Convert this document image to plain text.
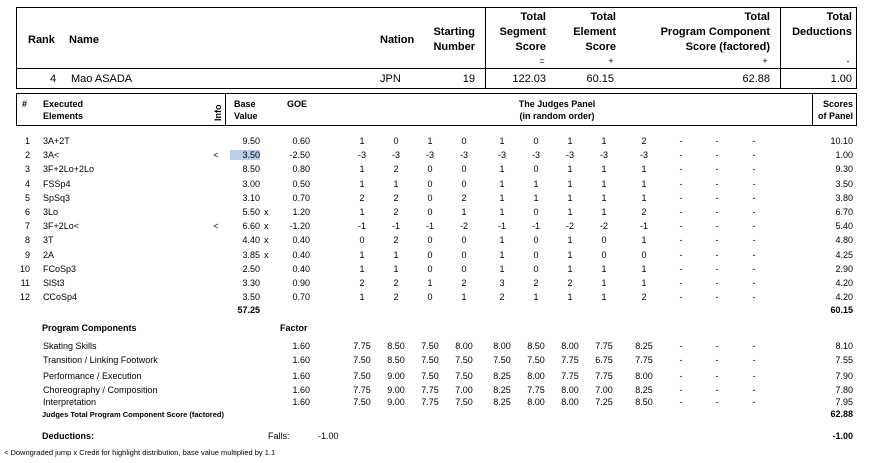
Rank Name	Nation
Starting
Number
Total
Segment
Score
=
Total
Element
Score
+
Total
Program Component
Score (factored)
+
Total
Deductions
-
4 Mao ASADA	JPN	19	122.03	60.15	62.88	1.00
# Executed
Elements	Info
Base
Value
GOE	The Judges Panel
(in random order)
Scores
of Panel
1 3A+2T	9.50	0.60	1	0	1	0	1	0	1	1	2	-	-	-	10.10
2 3A<	<	3.50	-2.50	-3	-3	-3	-3	-3	-3	-3	-3	-3	-	-	-	1.00
3 3F+2Lo+2Lo	8.50	0.80	1	2	0	0	1	0	1	1	1	-	-	-	9.30
4 FSSp4	3.00	0.50	1	1	0	0	1	1	1	1	1	-	-	-	3.50
5 SpSq3	3.10	0.70	2	2	0	2	1	1	1	1	1	-	-	-	3.80
6 3Lo	5.50 x	1.20	1	2	0	1	1	0	1	1	2	-	-	-	6.70
7 3F+2Lo<	<	6.60 x	-1.20	-1	-1	-1	-2	-1	-1	-2	-2	-1	-	-	-	5.40
8 3T	4.40 x	0.40	0	2	0	0	1	0	1	0	1	-	-	-	4.80
9 2A	3.85 x	0.40	1	1	0	0	1	0	1	0	0	-	-	-	4.25
10 FCoSp3	2.50	0.40	1	1	0	0	1	0	1	1	1	-	-	-	2.90
11 SlSt3	3.30	0.90	2	2	1	2	3	2	2	1	1	-	-	-	4.20
12 CCoSp4	3.50	0.70	1	2	0	1	2	1	1	1	2	-	-	-	4.20
57.25	60.15
Program Components	Factor
Skating Skills	1.60	7.75	8.50	7.50	8.00	8.00	8.50	8.00	7.75	8.25	-	-	-	8.10
Transition / Linking Footwork	1.60	7.50	8.50	7.50	7.50	7.50	7.50	7.75	6.75	7.75	-	-	-	7.55
Performance / Execution	1.60	7.50	9.00	7.50	7.50	8.25	8.00	7.75	7.75	8.00	-	-	-	7.90
Choreography / Composition	1.60	7.75	9.00	7.75	7.00	8.25	7.75	8.00	7.00	8.25	-	-	-	7.80
Interpretation	1.60	7.50	9.00	7.75	7.50	8.25	8.00	8.00	7.25	8.50	-	-	-	7.95
Judges Total Program Component Score (factored)	62.88
Deductions:	Falls:	-1.00	-1.00
< Downgraded jump x Credit for highlight distribution, base value multiplied by 1.1
